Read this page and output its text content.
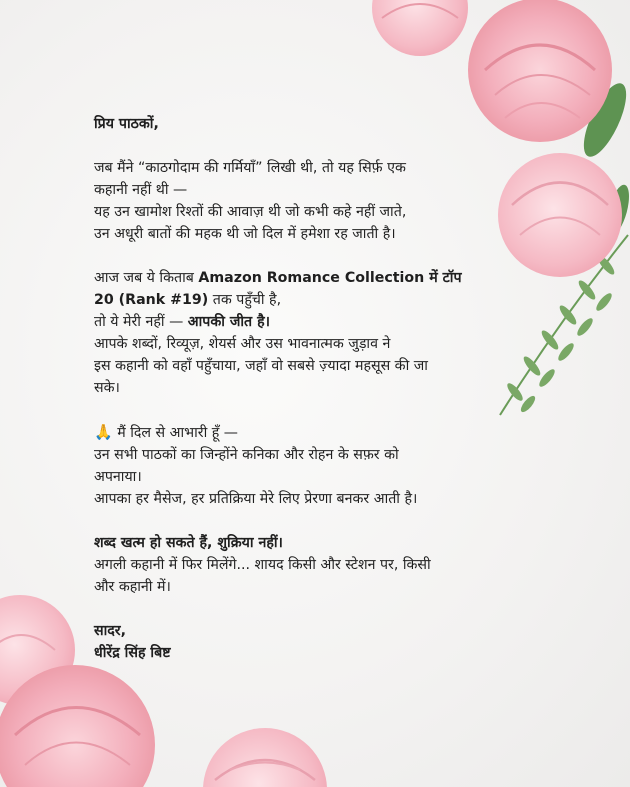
प्रिय पाठकों,

जब मैंने “काठगोदाम की गर्मियाँ” लिखी थी, तो यह सिर्फ़ एक

कहानी नहीं थी —

यह उन खामोश रिश्तों की आवाज़ थी जो कभी कहे नहीं जाते,

उन अधूरी बातों की महक थी जो दिल में हमेशा रह जाती है।

आज जब ये किताब Amazon Romance Collection में टॉप

20 (Rank #19) तक पहुँची है,

तो ये मेरी नहीं — आपकी जीत है।

आपके शब्दों, रिव्यूज़, शेयर्स और उस भावनात्मक जुड़ाव ने

इस कहानी को वहाँ पहुँचाया, जहाँ वो सबसे ज़्यादा महसूस की जा

सके।

🙏 मैं दिल से आभारी हूँ —

उन सभी पाठकों का जिन्होंने कनिका और रोहन के सफ़र को

अपनाया।

आपका हर मैसेज, हर प्रतिक्रिया मेरे लिए प्रेरणा बनकर आती है।

शब्द खत्म हो सकते हैं, शुक्रिया नहीं।

अगली कहानी में फिर मिलेंगे... शायद किसी और स्टेशन पर, किसी

और कहानी में।

सादर,

धीरेंद्र सिंह बिष्ट
